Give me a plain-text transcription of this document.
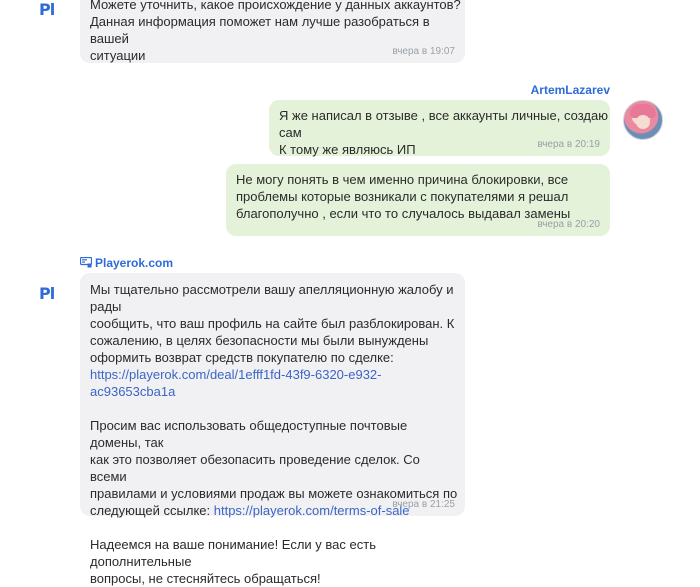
Pl	Можете уточнить, какое происхождение у данных аккаунтов?
Данная информация поможет нам лучше разобраться в вашей
ситуации	вчера в 19:07
ArtemLazarev
Я же написал в отзыве , все аккаунты личные, создаю сам
К тому же являюсь ИП	вчера в 20:19
Не могу понять в чем именно причина блокировки, все
проблемы которые возникали с покупателями я решал
благополучно , если что то случалось выдавал замены
вчера в 20:20
Playerok.com
Pl	Мы тщательно рассмотрели вашу апелляционную жалобу и рады
сообщить, что ваш профиль на сайте был разблокирован. К
сожалению, в целях безопасности мы были вынуждены
оформить возврат средств покупателю по сделке:
https://playerok.com/deal/1efff1fd-43f9-6320-e932-ac93653cba1a
Просим вас использовать общедоступные почтовые домены, так
как это позволяет обезопасить проведение сделок. Со всеми
правилами и условиями продаж вы можете ознакомиться по
следующей ссылке: https://playerok.com/terms-of-sale
Надеемся на ваше понимание! Если у вас есть дополнительные
вопросы, не стесняйтесь обращаться!
вчера в 21:25
